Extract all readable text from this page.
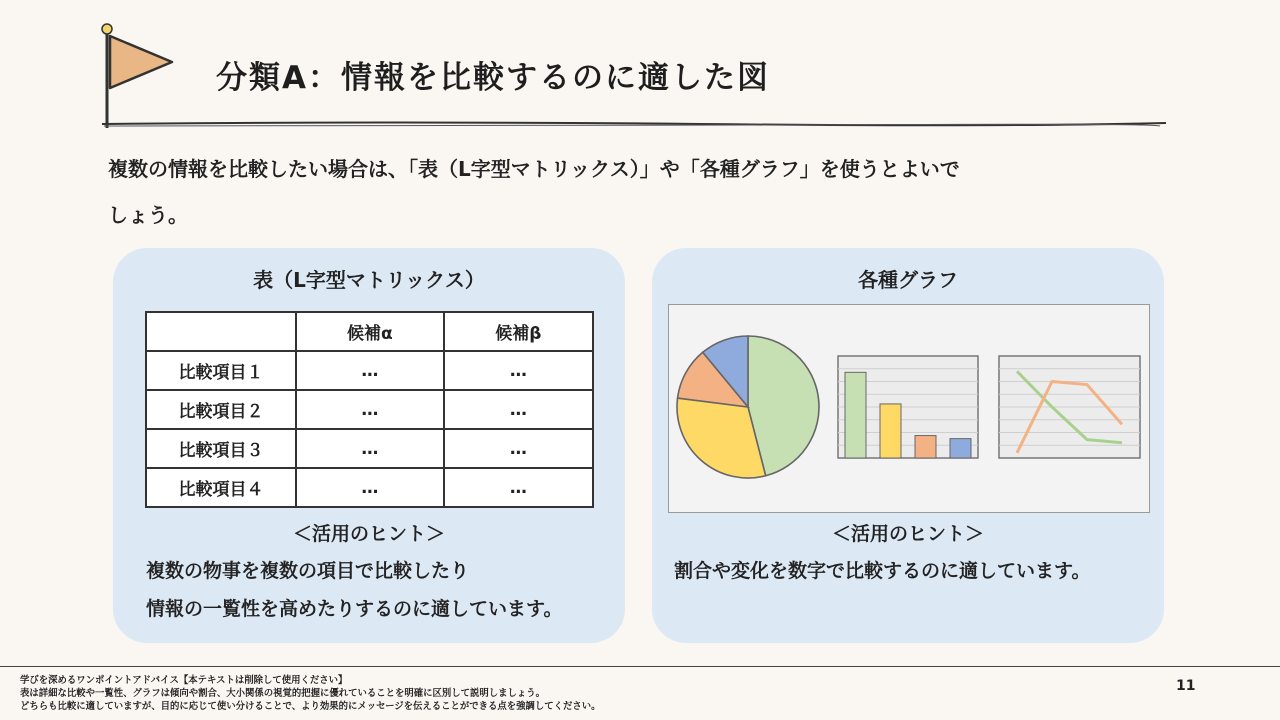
分類A：情報を比較するのに適した図
複数の情報を比較したい場合は、「表（L字型マトリックス）」や「各種グラフ」を使うとよいで
しょう。
表（L字型マトリックス）
	候補α	候補β
比較項目１	…	…
比較項目２	…	…
比較項目３	…	…
比較項目４	…	…
＜活用のヒント＞
複数の物事を複数の項目で比較したり
情報の一覧性を高めたりするのに適しています。
各種グラフ
＜活用のヒント＞
割合や変化を数字で比較するのに適しています。
学びを深めるワンポイントアドバイス【本テキストは削除して使用ください】
表は詳細な比較や一覧性、グラフは傾向や割合、大小関係の視覚的把握に優れていることを明確に区別して説明しましょう。
どちらも比較に適していますが、目的に応じて使い分けることで、より効果的にメッセージを伝えることができる点を強調してください。
11
